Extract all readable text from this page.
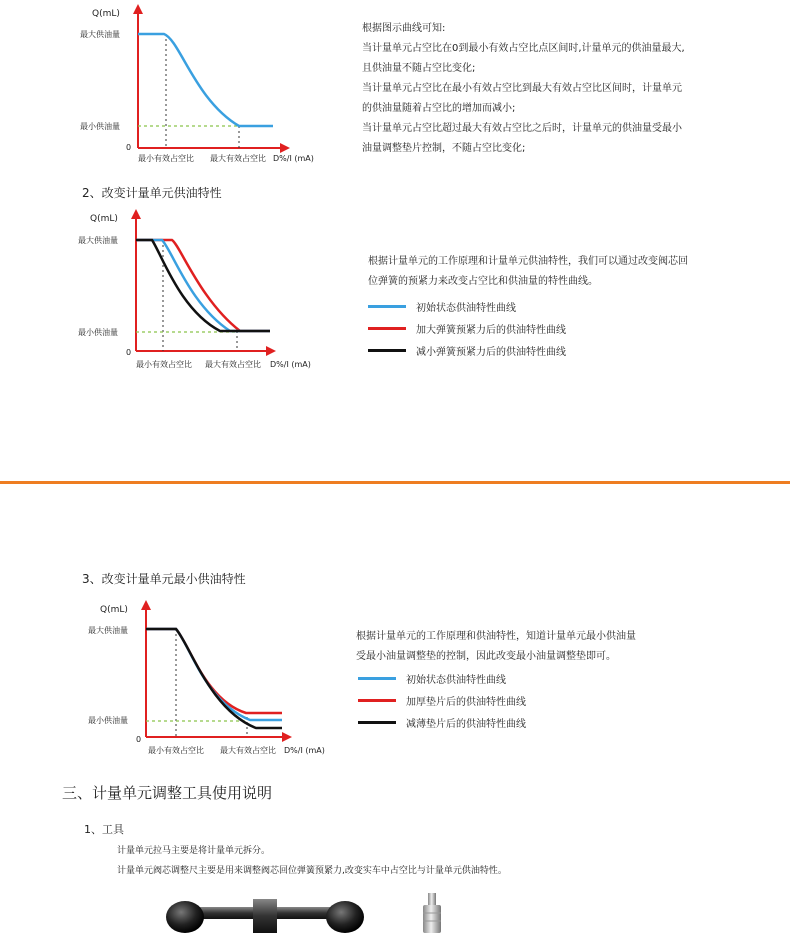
Q(mL)
最大供油量
最小供油量
0
最小有效占空比 最大有效占空比 D%/I (mA)

根据图示曲线可知:

当计量单元占空比在0到最小有效占空比点区间时,计量单元的供油量最大,

且供油量不随占空比变化;

当计量单元占空比在最小有效占空比到最大有效占空比区间时，计量单元

的供油量随着占空比的增加而减小;

当计量单元占空比超过最大有效占空比之后时，计量单元的供油量受最小

油量调整垫片控制，不随占空比变化;

2、改变计量单元供油特性
Q(mL)
最大供油量
最小供油量
0
最小有效占空比 最大有效占空比 D%/I (mA)

根据计量单元的工作原理和计量单元供油特性，我们可以通过改变阀芯回

位弹簧的预紧力来改变占空比和供油量的特性曲线。

初始状态供油特性曲线
加大弹簧预紧力后的供油特性曲线
减小弹簧预紧力后的供油特性曲线
3、改变计量单元最小供油特性
Q(mL)
最大供油量
最小供油量
0
最小有效占空比 最大有效占空比 D%/I (mA)

根据计量单元的工作原理和供油特性，知道计量单元最小供油量

受最小油量调整垫的控制，因此改变最小油量调整垫即可。

初始状态供油特性曲线
加厚垫片后的供油特性曲线
减薄垫片后的供油特性曲线
三、计量单元调整工具使用说明
1、工具
计量单元拉马主要是将计量单元拆分。
计量单元阀芯调整尺主要是用来调整阀芯回位弹簧预紧力,改变实车中占空比与计量单元供油特性。
